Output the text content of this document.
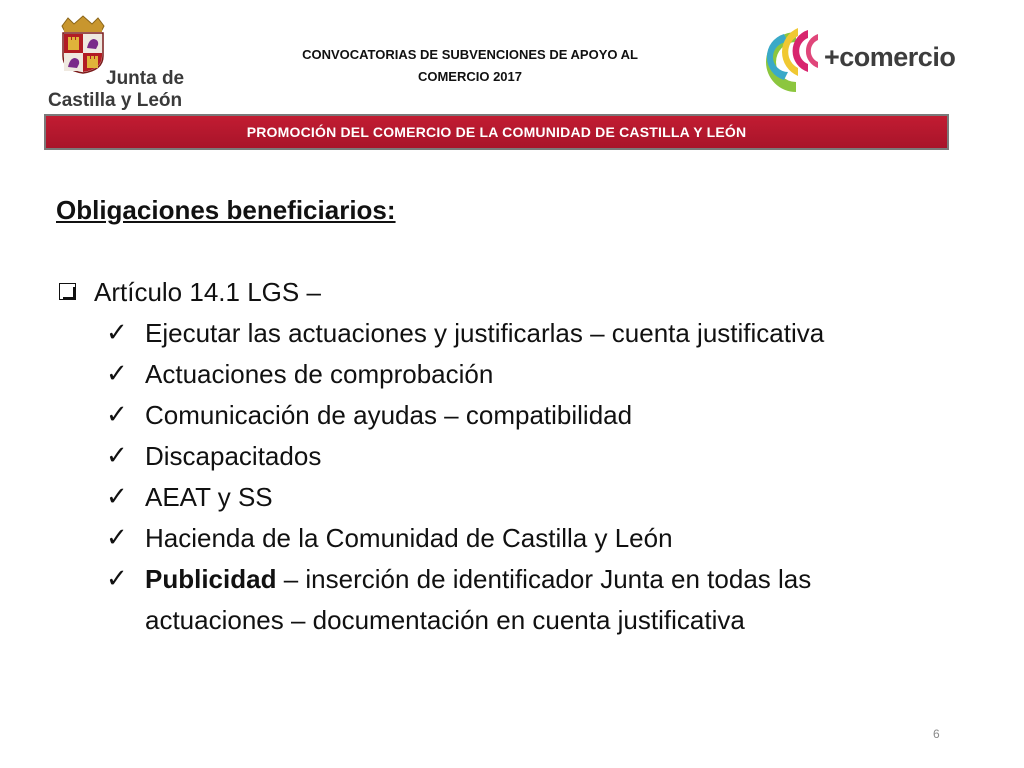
Junta de
Castilla y León
CONVOCATORIAS DE SUBVENCIONES DE APOYO AL
COMERCIO 2017
+comercio
PROMOCIÓN DEL COMERCIO DE LA COMUNIDAD DE CASTILLA Y LEÓN

Obligaciones beneficiarios:

Artículo 14.1 LGS –
✓ Ejecutar las actuaciones y justificarlas – cuenta justificativa
✓ Actuaciones de comprobación
✓ Comunicación de ayudas – compatibilidad
✓ Discapacitados
✓ AEAT y SS
✓ Hacienda de la Comunidad de Castilla y León
✓ Publicidad – inserción de identificador Junta en todas las actuaciones – documentación en cuenta justificativa
6
